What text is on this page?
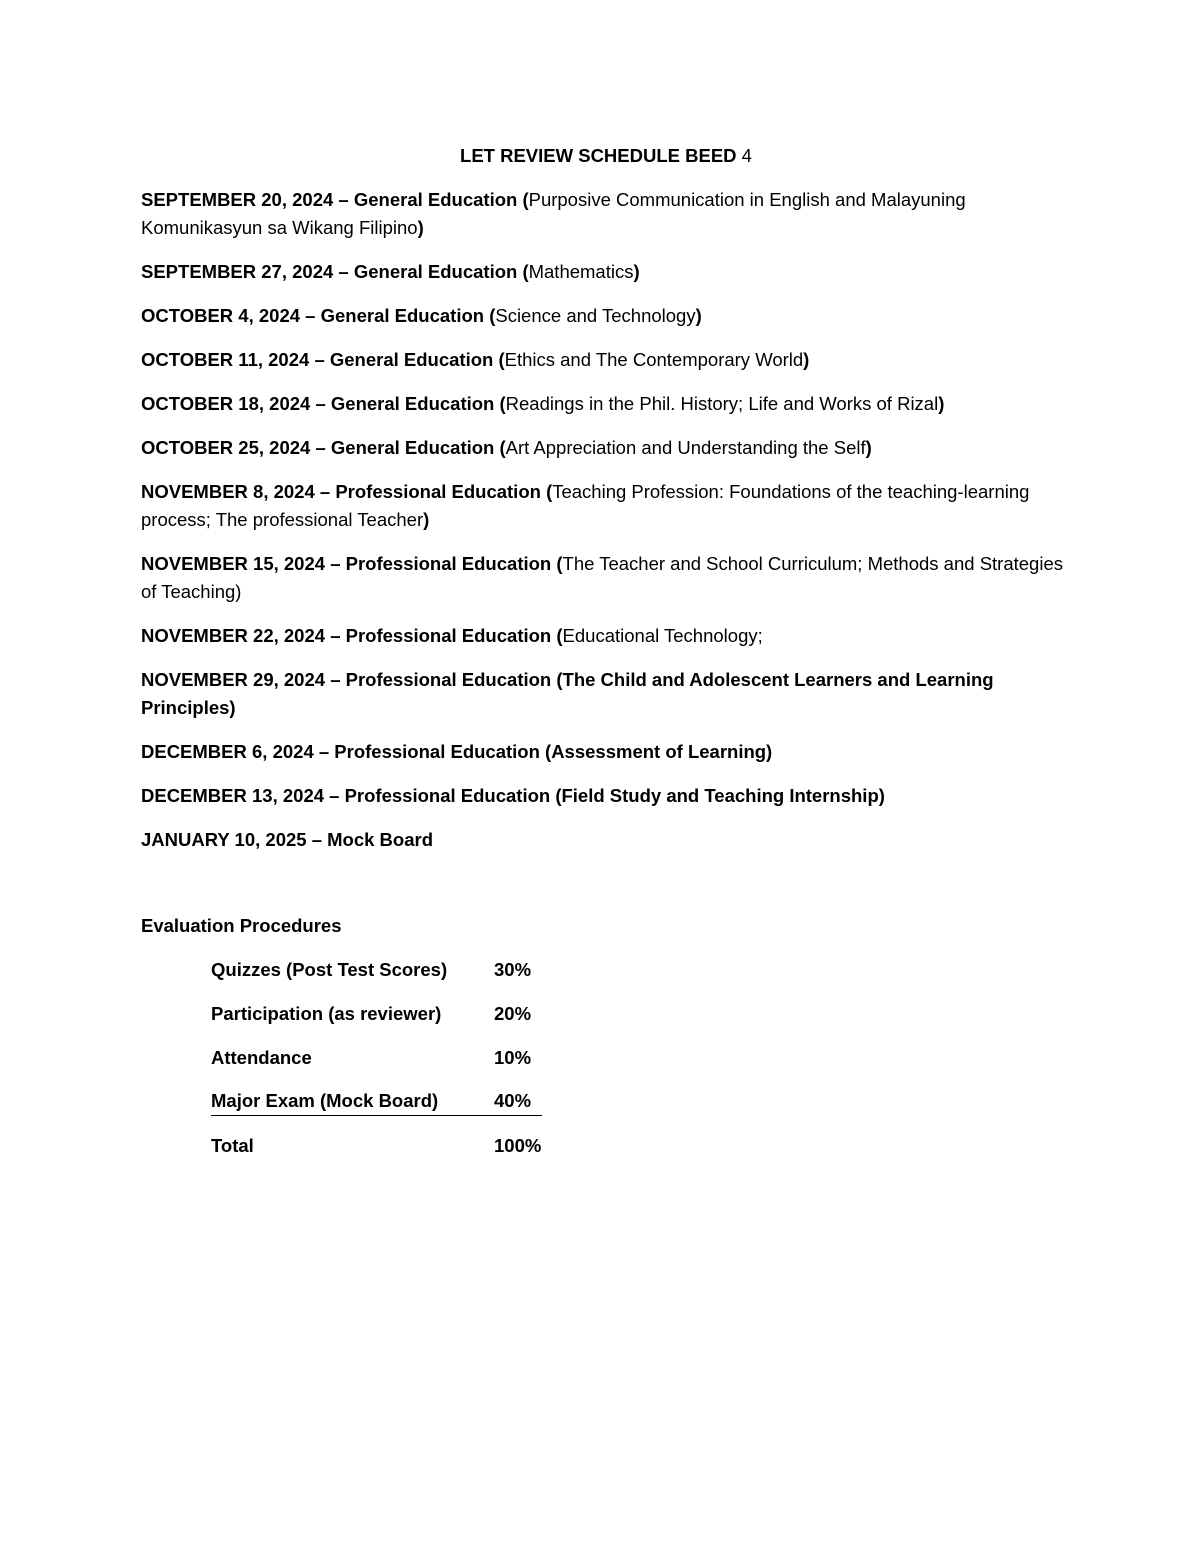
LET REVIEW SCHEDULE BEED 4
SEPTEMBER 20, 2024 – General Education (Purposive Communication in English and Malayuning Komunikasyun sa Wikang Filipino)
SEPTEMBER 27, 2024 – General Education (Mathematics)
OCTOBER 4, 2024 – General Education (Science and Technology)
OCTOBER 11, 2024 – General Education (Ethics and The Contemporary World)
OCTOBER 18, 2024 – General Education (Readings in the Phil. History; Life and Works of Rizal)
OCTOBER 25, 2024 – General Education (Art Appreciation and Understanding the Self)
NOVEMBER 8, 2024 – Professional Education (Teaching Profession: Foundations of the teaching-learning process; The professional Teacher)
NOVEMBER 15, 2024 – Professional Education (The Teacher and School Curriculum; Methods and Strategies of Teaching)
NOVEMBER 22, 2024 – Professional Education (Educational Technology;
NOVEMBER 29, 2024 – Professional Education (The Child and Adolescent Learners and Learning Principles)
DECEMBER 6, 2024 – Professional Education (Assessment of Learning)
DECEMBER 13, 2024 – Professional Education (Field Study and Teaching Internship)
JANUARY 10, 2025 – Mock Board
Evaluation Procedures
Quizzes (Post Test Scores)	30%
Participation (as reviewer)	20%
Attendance	10%
Major Exam (Mock Board)	40%
Total	100%
